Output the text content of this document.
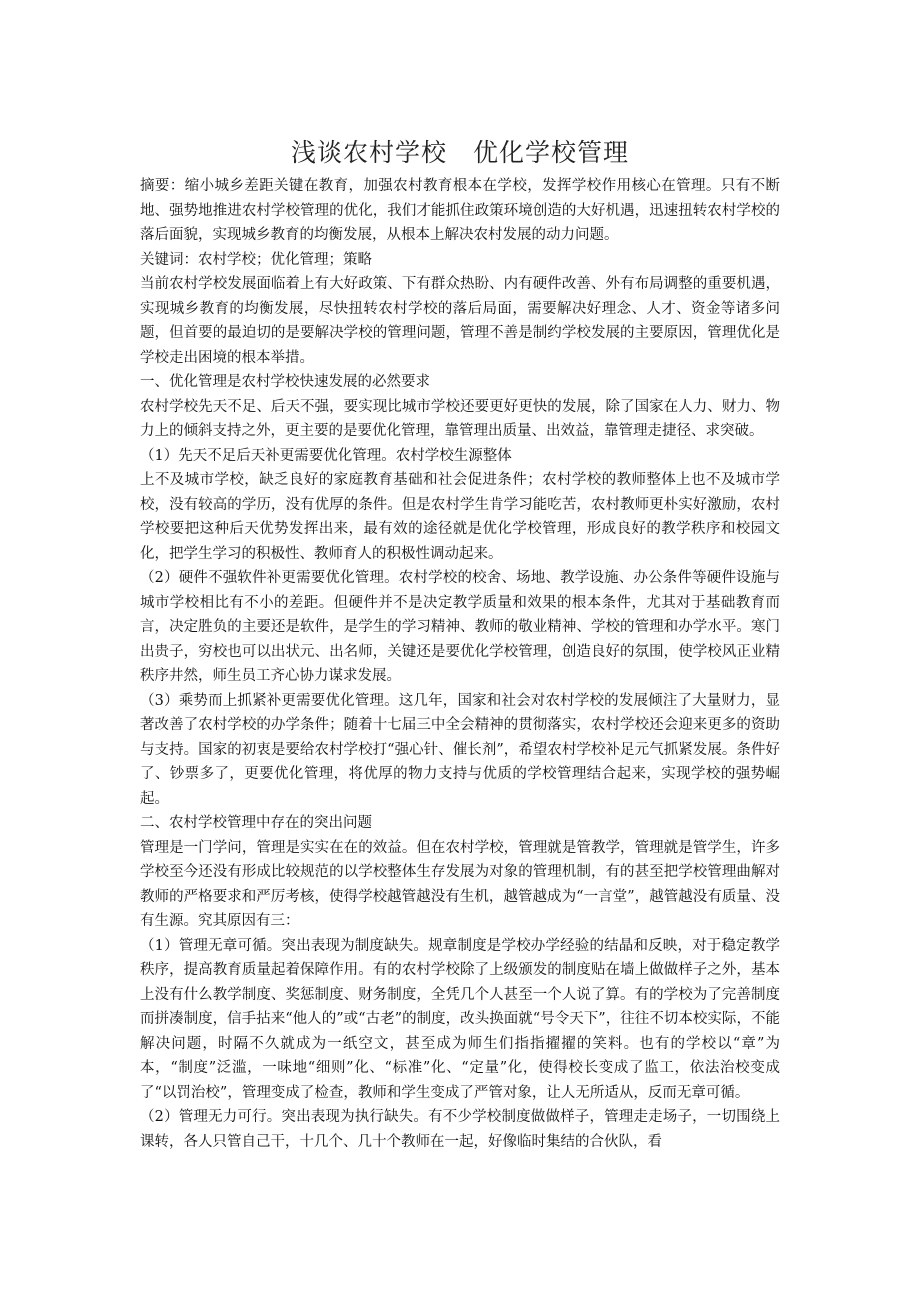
浅谈农村学校　优化学校管理

摘要：缩小城乡差距关键在教育，加强农村教育根本在学校，发挥学校作用核心在管理。只有不断地、强势地推进农村学校管理的优化，我们才能抓住政策环境创造的大好机遇，迅速扭转农村学校的落后面貌，实现城乡教育的均衡发展，从根本上解决农村发展的动力问题。

关键词：农村学校；优化管理；策略

当前农村学校发展面临着上有大好政策、下有群众热盼、内有硬件改善、外有布局调整的重要机遇，实现城乡教育的均衡发展，尽快扭转农村学校的落后局面，需要解决好理念、人才、资金等诸多问题，但首要的最迫切的是要解决学校的管理问题，管理不善是制约学校发展的主要原因，管理优化是学校走出困境的根本举措。

一、优化管理是农村学校快速发展的必然要求

农村学校先天不足、后天不强，要实现比城市学校还要更好更快的发展，除了国家在人力、财力、物力上的倾斜支持之外，更主要的是要优化管理，靠管理出质量、出效益，靠管理走捷径、求突破。

（1）先天不足后天补更需要优化管理。农村学校生源整体

上不及城市学校，缺乏良好的家庭教育基础和社会促进条件；农村学校的教师整体上也不及城市学校，没有较高的学历，没有优厚的条件。但是农村学生肯学习能吃苦，农村教师更朴实好激励，农村学校要把这种后天优势发挥出来，最有效的途径就是优化学校管理，形成良好的教学秩序和校园文化，把学生学习的积极性、教师育人的积极性调动起来。

（2）硬件不强软件补更需要优化管理。农村学校的校舍、场地、教学设施、办公条件等硬件设施与城市学校相比有不小的差距。但硬件并不是决定教学质量和效果的根本条件，尤其对于基础教育而言，决定胜负的主要还是软件，是学生的学习精神、教师的敬业精神、学校的管理和办学水平。寒门出贵子，穷校也可以出状元、出名师，关键还是要优化学校管理，创造良好的氛围，使学校风正业精秩序井然，师生员工齐心协力谋求发展。

（3）乘势而上抓紧补更需要优化管理。这几年，国家和社会对农村学校的发展倾注了大量财力，显著改善了农村学校的办学条件；随着十七届三中全会精神的贯彻落实，农村学校还会迎来更多的资助与支持。国家的初衷是要给农村学校打“强心针、催长剂”，希望农村学校补足元气抓紧发展。条件好了、钞票多了，更要优化管理，将优厚的物力支持与优质的学校管理结合起来，实现学校的强势崛起。

二、农村学校管理中存在的突出问题

管理是一门学问，管理是实实在在的效益。但在农村学校，管理就是管教学，管理就是管学生，许多学校至今还没有形成比较规范的以学校整体生存发展为对象的管理机制，有的甚至把学校管理曲解对教师的严格要求和严厉考核，使得学校越管越没有生机，越管越成为“一言堂”，越管越没有质量、没有生源。究其原因有三：

（1）管理无章可循。突出表现为制度缺失。规章制度是学校办学经验的结晶和反映，对于稳定教学秩序，提高教育质量起着保障作用。有的农村学校除了上级颁发的制度贴在墙上做做样子之外，基本上没有什么教学制度、奖惩制度、财务制度，全凭几个人甚至一个人说了算。有的学校为了完善制度而拼凑制度，信手拈来“他人的”或“古老”的制度，改头换面就“号令天下”，往往不切本校实际，不能解决问题，时隔不久就成为一纸空文，甚至成为师生们指指擢擢的笑料。也有的学校以“章”为本，“制度”泛滥，一味地“细则”化、“标准”化、“定量”化，使得校长变成了监工，依法治校变成了“以罚治校”，管理变成了检查，教师和学生变成了严管对象，让人无所适从，反而无章可循。

（2）管理无力可行。突出表现为执行缺失。有不少学校制度做做样子，管理走走场子，一切围绕上课转，各人只管自己干，十几个、几十个教师在一起，好像临时集结的合伙队，看
